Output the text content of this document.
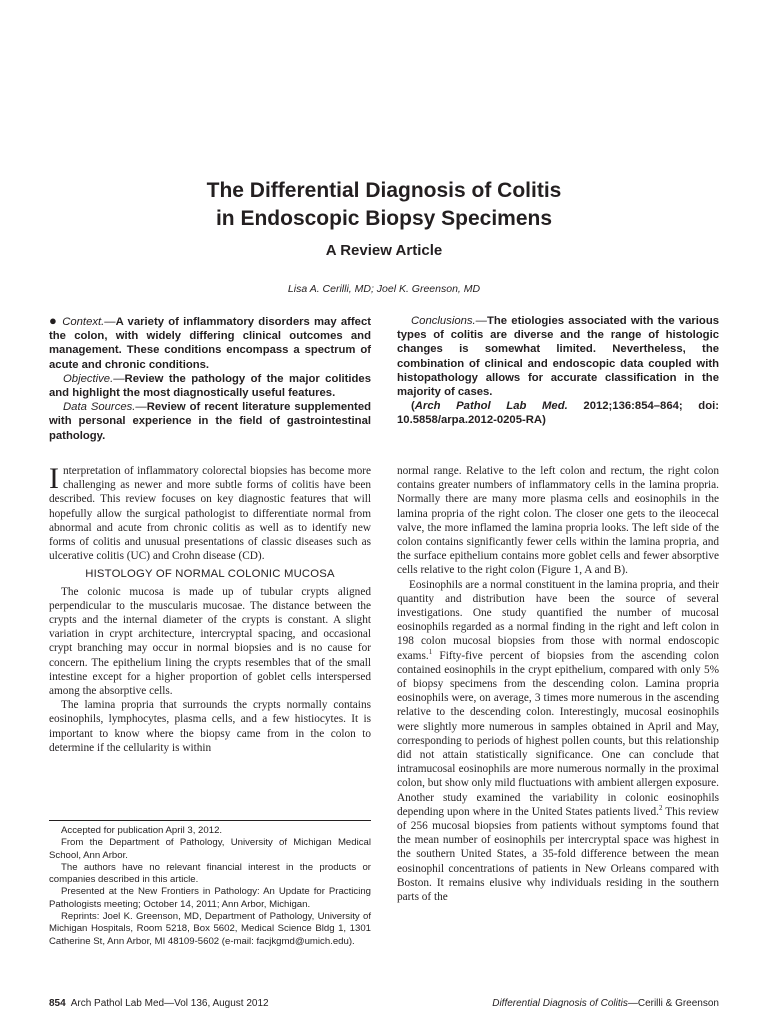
The Differential Diagnosis of Colitis
in Endoscopic Biopsy Specimens
A Review Article
Lisa A. Cerilli, MD; Joel K. Greenson, MD

● Context.—A variety of inflammatory disorders may affect the colon, with widely differing clinical outcomes and management. These conditions encompass a spectrum of acute and chronic conditions.

Objective.—Review the pathology of the major colitides and highlight the most diagnostically useful features.

Data Sources.—Review of recent literature supplemented with personal experience in the field of gastrointestinal pathology.

Conclusions.—The etiologies associated with the various types of colitis are diverse and the range of histologic changes is somewhat limited. Nevertheless, the combination of clinical and endoscopic data coupled with histopathology allows for accurate classification in the majority of cases.

(Arch Pathol Lab Med. 2012;136:854–864; doi: 10.5858/arpa.2012-0205-RA)

Interpretation of inflammatory colorectal biopsies has become more challenging as newer and more subtle forms of colitis have been described. This review focuses on key diagnostic features that will hopefully allow the surgical pathologist to differentiate normal from abnormal and acute from chronic colitis as well as to identify new forms of colitis and unusual presentations of classic diseases such as ulcerative colitis (UC) and Crohn disease (CD).

HISTOLOGY OF NORMAL COLONIC MUCOSA

The colonic mucosa is made up of tubular crypts aligned perpendicular to the muscularis mucosae. The distance between the crypts and the internal diameter of the crypts is constant. A slight variation in crypt architecture, intercryptal spacing, and occasional crypt branching may occur in normal biopsies and is no cause for concern. The epithelium lining the crypts resembles that of the small intestine except for a higher proportion of goblet cells interspersed among the absorptive cells.

The lamina propria that surrounds the crypts normally contains eosinophils, lymphocytes, plasma cells, and a few histiocytes. It is important to know where the biopsy came from in the colon to determine if the cellularity is within

normal range. Relative to the left colon and rectum, the right colon contains greater numbers of inflammatory cells in the lamina propria. Normally there are many more plasma cells and eosinophils in the lamina propria of the right colon. The closer one gets to the ileocecal valve, the more inflamed the lamina propria looks. The left side of the colon contains significantly fewer cells within the lamina propria, and the surface epithelium contains more goblet cells and fewer absorptive cells relative to the right colon (Figure 1, A and B).

Eosinophils are a normal constituent in the lamina propria, and their quantity and distribution have been the source of several investigations. One study quantified the number of mucosal eosinophils regarded as a normal finding in the right and left colon in 198 colon mucosal biopsies from those with normal endoscopic exams.$^1$ Fifty-five percent of biopsies from the ascending colon contained eosinophils in the crypt epithelium, compared with only 5% of biopsy specimens from the descending colon. Lamina propria eosinophils were, on average, 3 times more numerous in the ascending relative to the descending colon. Interestingly, mucosal eosinophils were slightly more numerous in samples obtained in April and May, corresponding to periods of highest pollen counts, but this relationship did not attain statistically significance. One can conclude that intramucosal eosinophils are more numerous normally in the proximal colon, but show only mild fluctuations with ambient allergen exposure. Another study examined the variability in colonic eosinophils depending upon where in the United States patients lived.$^2$ This review of 256 mucosal biopsies from patients without symptoms found that the mean number of eosinophils per intercryptal space was highest in the southern United States, a 35-fold difference between the mean eosinophil concentrations of patients in New Orleans compared with Boston. It remains elusive why individuals residing in the southern parts of the

Accepted for publication April 3, 2012.

From the Department of Pathology, University of Michigan Medical School, Ann Arbor.

The authors have no relevant financial interest in the products or companies described in this article.

Presented at the New Frontiers in Pathology: An Update for Practicing Pathologists meeting; October 14, 2011; Ann Arbor, Michigan.

Reprints: Joel K. Greenson, MD, Department of Pathology, University of Michigan Hospitals, Room 5218, Box 5602, Medical Science Bldg 1, 1301 Catherine St, Ann Arbor, MI 48109-5602 (e-mail: facjkgmd@umich.edu).

854 Arch Pathol Lab Med—Vol 136, August 2012	Differential Diagnosis of Colitis—Cerilli & Greenson
